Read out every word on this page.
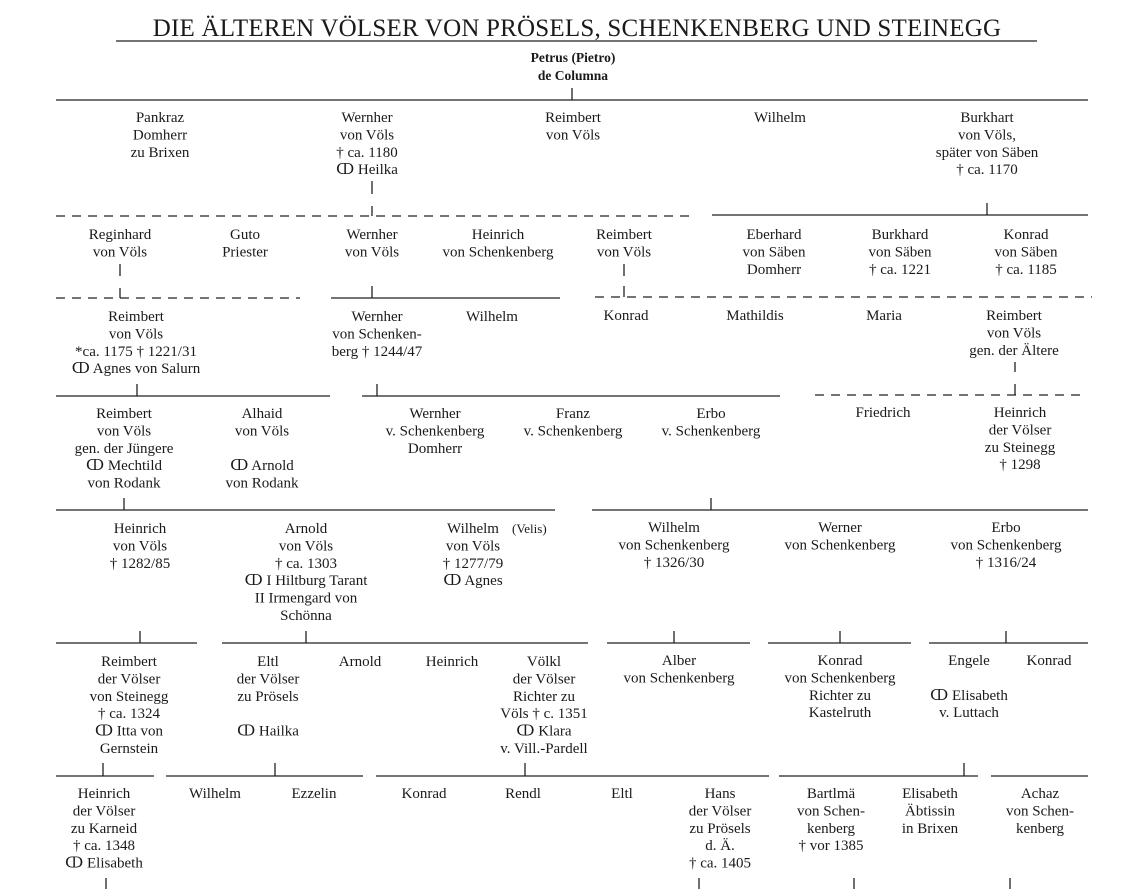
DIE ÄLTEREN VÖLSER VON PRÖSELS, SCHENKENBERG UND STEINEGG
Petrus (Pietro) de Columna
Pankraz Domherr zu Brixen
Wernher von Völs † ca. 1180 ↀ Heilka
Reimbert von Völs
Wilhelm	Burkhart von Völs, später von Säben † ca. 1170
Reginhard von Völs
Guto Priester
Wernher von Völs
Heinrich von Schenkenberg
Reimbert von Völs
Eberhard von Säben Domherr
Burkhard von Säben † ca. 1221
Konrad von Säben † ca. 1185
Reimbert von Völs *ca. 1175 † 1221/31 ↀ Agnes von Salurn
Wernher von Schenken-berg † 1244/47
Wilhelm	Konrad	Mathildis	Maria	Reimbert von Völs gen. der Ältere
Reimbert von Völs gen. der Jüngere ↀ Mechtild von Rodank
Alhaid von Völs ↀ Arnold von Rodank
Wernher v. Schenkenberg Domherr
Franz v. Schenkenberg
Erbo v. Schenkenberg
Friedrich	Heinrich der Völser zu Steinegg † 1298
Heinrich von Völs † 1282/85
Arnold von Völs † ca. 1303 ↀ I Hiltburg Tarant II Irmengard von Schönna
Wilhelm von Völs † 1277/79 ↀ Agnes
(Velis)	Wilhelm von Schenkenberg † 1326/30
Werner von Schenkenberg
Erbo von Schenkenberg † 1316/24
Reimbert der Völser von Steinegg † ca. 1324 ↀ Itta von Gernstein
Eltl der Völser zu Prösels ↀ Hailka
Arnold	Heinrich	Völkl der Völser Richter zu Völs † c. 1351 ↀ Klara v. Vill.-Pardell
Alber von Schenkenberg
Konrad von Schenkenberg Richter zu Kastelruth
Engele ↀ Elisabeth v. Luttach
Konrad
Heinrich der Völser zu Karneid † ca. 1348 ↀ Elisabeth
Wilhelm	Ezzelin	Konrad	Rendl	Eltl	Hans der Völser zu Prösels d. Ä. † ca. 1405
Bartlmä von Schen-kenberg † vor 1385
Elisabeth Äbtissin in Brixen
Achaz von Schen-kenberg
